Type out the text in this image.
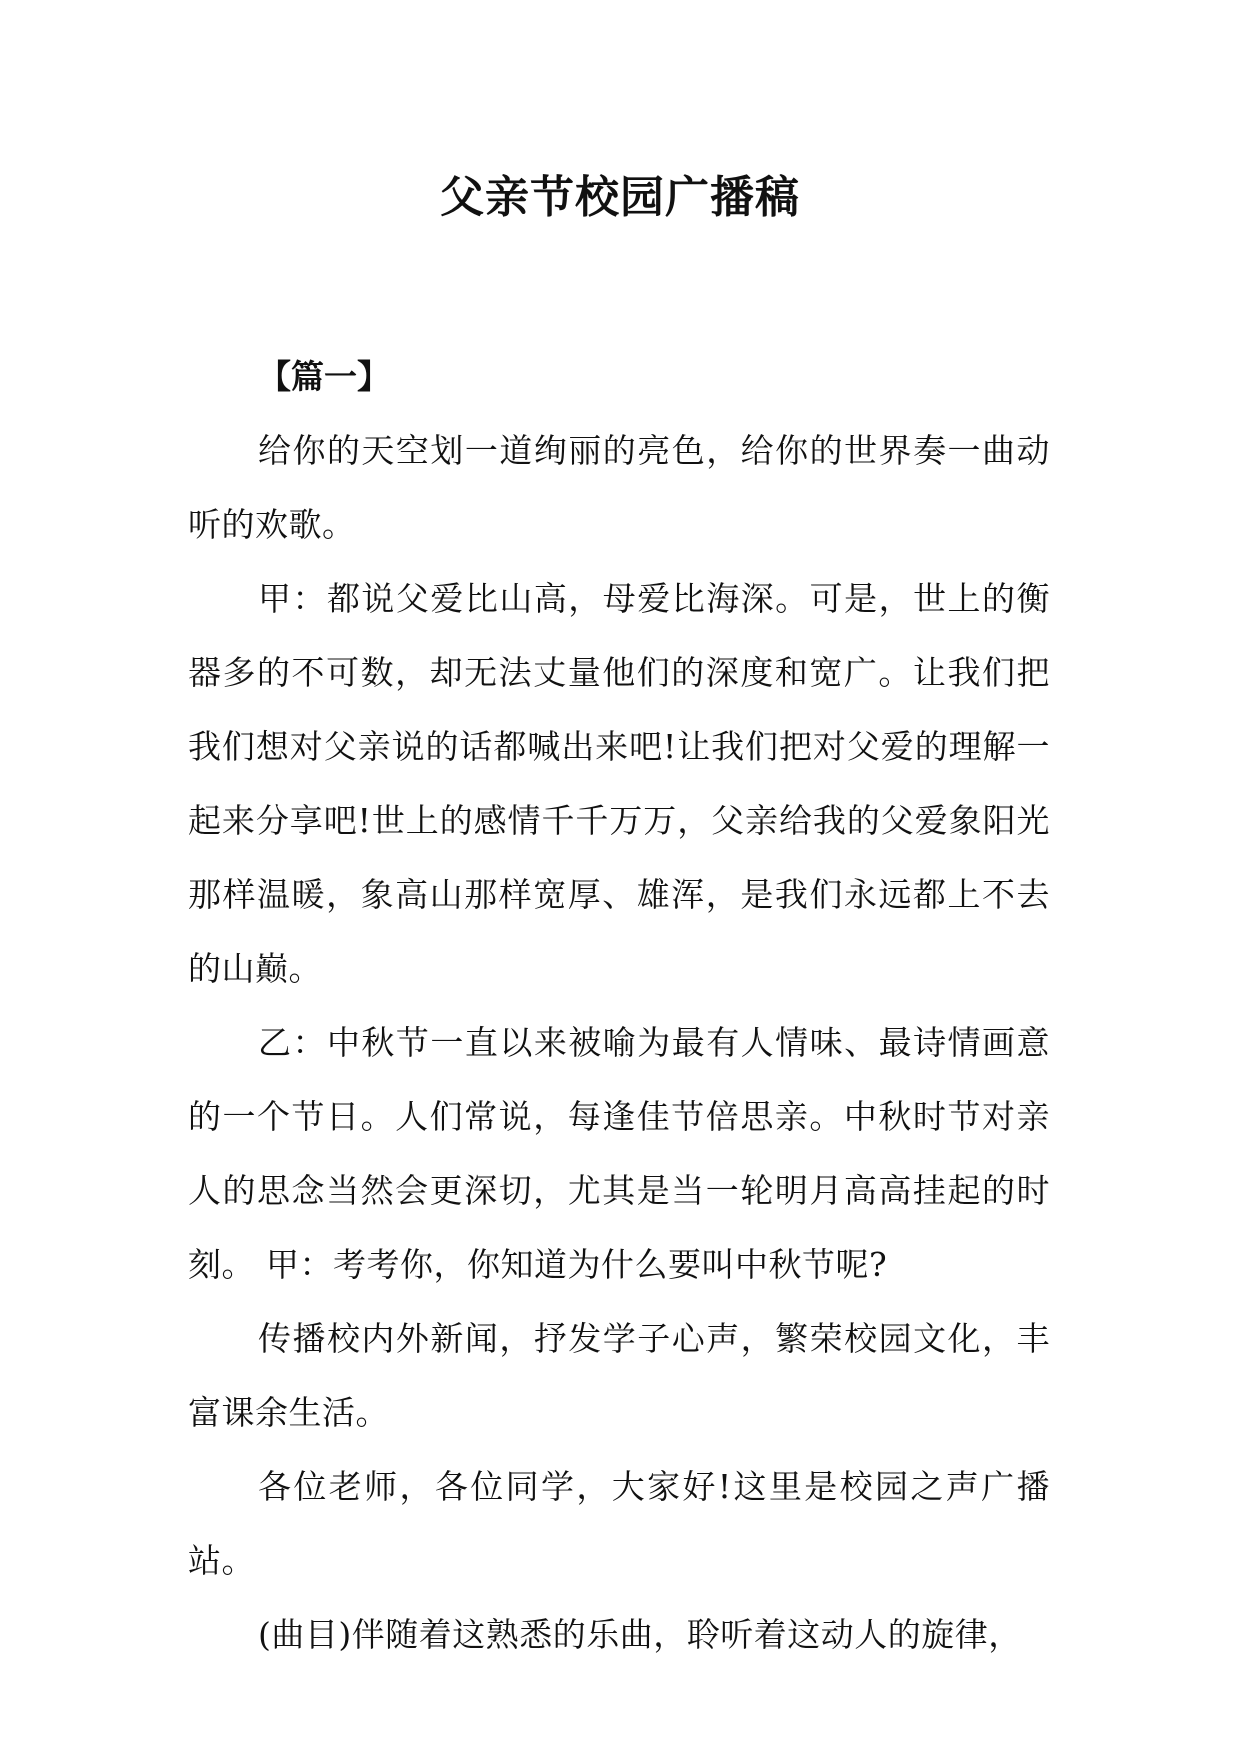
父亲节校园广播稿

【篇一】

给你的天空划一道绚丽的亮色，给你的世界奏一曲动听的欢歌。

甲：都说父爱比山高，母爱比海深。可是，世上的衡器多的不可数，却无法丈量他们的深度和宽广。让我们把我们想对父亲说的话都喊出来吧!让我们把对父爱的理解一起来分享吧!世上的感情千千万万，父亲给我的父爱象阳光那样温暖，象高山那样宽厚、雄浑，是我们永远都上不去的山巅。

乙：中秋节一直以来被喻为最有人情味、最诗情画意的一个节日。人们常说，每逢佳节倍思亲。中秋时节对亲人的思念当然会更深切，尤其是当一轮明月高高挂起的时刻。 甲：考考你，你知道为什么要叫中秋节呢?

传播校内外新闻，抒发学子心声，繁荣校园文化，丰富课余生活。

各位老师，各位同学，大家好!这里是校园之声广播站。

(曲目)伴随着这熟悉的乐曲，聆听着这动人的旋律，
